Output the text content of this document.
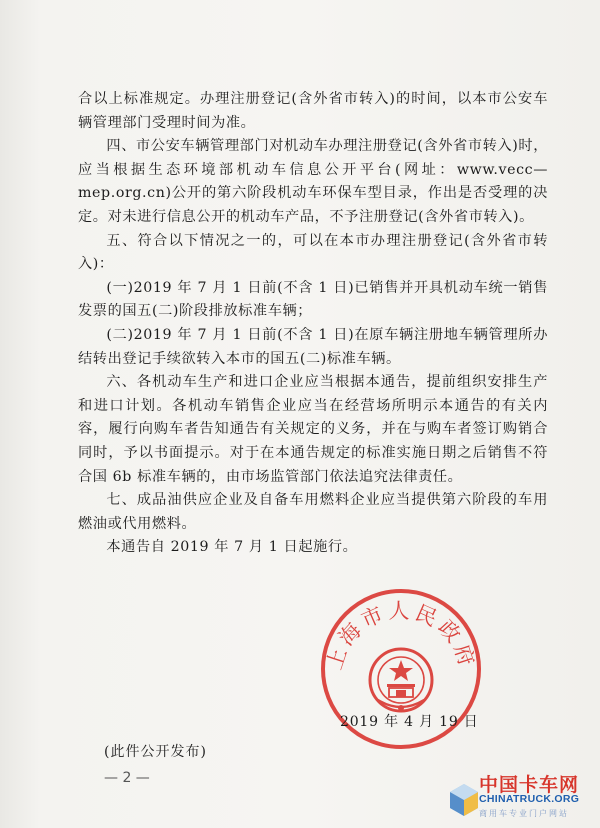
合以上标准规定。办理注册登记(含外省市转入)的时间，以本市公安车辆管理部门受理时间为准。

四、市公安车辆管理部门对机动车办理注册登记(含外省市转入)时，应当根据生态环境部机动车信息公开平台(网址：www.vecc—mep.org.cn)公开的第六阶段机动车环保车型目录，作出是否受理的决定。对未进行信息公开的机动车产品，不予注册登记(含外省市转入)。

五、符合以下情况之一的，可以在本市办理注册登记(含外省市转入)：

(一)2019 年 7 月 1 日前(不含 1 日)已销售并开具机动车统一销售发票的国五(二)阶段排放标准车辆；

(二)2019 年 7 月 1 日前(不含 1 日)在原车辆注册地车辆管理所办结转出登记手续欲转入本市的国五(二)标准车辆。

六、各机动车生产和进口企业应当根据本通告，提前组织安排生产和进口计划。各机动车销售企业应当在经营场所明示本通告的有关内容，履行向购车者告知通告有关规定的义务，并在与购车者签订购销合同时，予以书面提示。对于在本通告规定的标准实施日期之后销售不符合国 6b 标准车辆的，由市场监管部门依法追究法律责任。

七、成品油供应企业及自备车用燃料企业应当提供第六阶段的车用燃油或代用燃料。

本通告自 2019 年 7 月 1 日起施行。

上海市人民政府
2019 年 4 月 19 日
(此件公开发布)
— 2 —	中国卡车网
CHINATRUCK.ORG
商用车专业门户网站
